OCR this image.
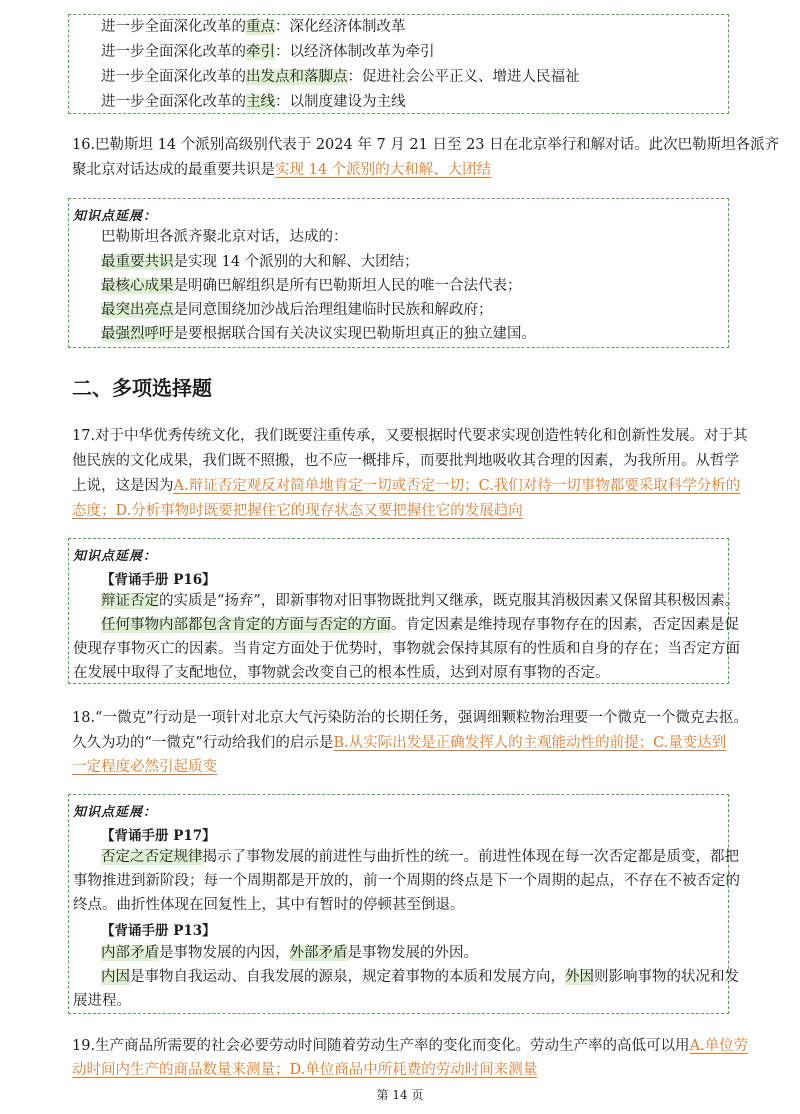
进一步全面深化改革的重点：深化经济体制改革
进一步全面深化改革的牵引：以经济体制改革为牵引
进一步全面深化改革的出发点和落脚点：促进社会公平正义、增进人民福祉
进一步全面深化改革的主线：以制度建设为主线
16.巴勒斯坦 14 个派别高级别代表于 2024 年 7 月 21 日至 23 日在北京举行和解对话。此次巴勒斯坦各派齐
聚北京对话达成的最重要共识是实现 14 个派别的大和解、大团结
知识点延展：
巴勒斯坦各派齐聚北京对话，达成的：
最重要共识是实现 14 个派别的大和解、大团结；
最核心成果是明确巴解组织是所有巴勒斯坦人民的唯一合法代表；
最突出亮点是同意围绕加沙战后治理组建临时民族和解政府；
最强烈呼吁是要根据联合国有关决议实现巴勒斯坦真正的独立建国。
二、多项选择题
17.对于中华优秀传统文化，我们既要注重传承，又要根据时代要求实现创造性转化和创新性发展。对于其
他民族的文化成果，我们既不照搬，也不应一概排斥，而要批判地吸收其合理的因素，为我所用。从哲学
上说，这是因为A.辩证否定观反对简单地肯定一切或否定一切；C.我们对待一切事物都要采取科学分析的
态度；D.分析事物时既要把握住它的现存状态又要把握住它的发展趋向
知识点延展：
【背诵手册 P16】
辩证否定的实质是“扬弃”，即新事物对旧事物既批判又继承，既克服其消极因素又保留其积极因素。
任何事物内部都包含肯定的方面与否定的方面。肯定因素是维持现存事物存在的因素，否定因素是促
使现存事物灭亡的因素。当肯定方面处于优势时，事物就会保持其原有的性质和自身的存在；当否定方面
在发展中取得了支配地位，事物就会改变自己的根本性质，达到对原有事物的否定。
18.“一微克”行动是一项针对北京大气污染防治的长期任务，强调细颗粒物治理要一个微克一个微克去抠。
久久为功的“一微克”行动给我们的启示是B.从实际出发是正确发挥人的主观能动性的前提；C.量变达到
一定程度必然引起质变
知识点延展：
【背诵手册 P17】
否定之否定规律揭示了事物发展的前进性与曲折性的统一。前进性体现在每一次否定都是质变，都把
事物推进到新阶段；每一个周期都是开放的，前一个周期的终点是下一个周期的起点，不存在不被否定的
终点。曲折性体现在回复性上，其中有暂时的停顿甚至倒退。
【背诵手册 P13】
内部矛盾是事物发展的内因，外部矛盾是事物发展的外因。
内因是事物自我运动、自我发展的源泉，规定着事物的本质和发展方向，外因则影响事物的状况和发
展进程。
19.生产商品所需要的社会必要劳动时间随着劳动生产率的变化而变化。劳动生产率的高低可以用A.单位劳
动时间内生产的商品数量来测量；D.单位商品中所耗费的劳动时间来测量
第 14 页
